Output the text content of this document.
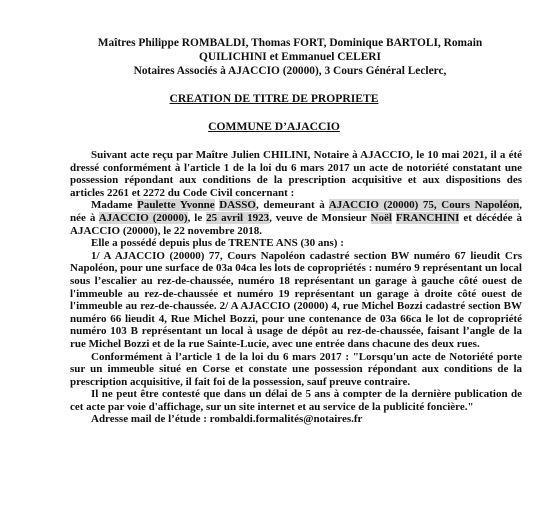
Maîtres Philippe ROMBALDI, Thomas FORT, Dominique BARTOLI, Romain
QUILICHINI et Emmanuel CELERI
Notaires Associés à AJACCIO (20000), 3 Cours Général Leclerc,
CREATION DE TITRE DE PROPRIETE
COMMUNE D’AJACCIO

Suivant acte reçu par Maître Julien CHILINI, Notaire à AJACCIO, le 10 mai 2021, il a été dressé conformément à l'article 1 de la loi du 6 mars 2017 un acte de notoriété constatant une possession répondant aux conditions de la prescription acquisitive et aux dispositions des articles 2261 et 2272 du Code Civil concernant :

Madame Paulette Yvonne DASSO, demeurant à AJACCIO (20000) 75, Cours Napoléon, née à AJACCIO (20000), le 25 avril 1923, veuve de Monsieur Noël FRANCHINI et décédée à AJACCIO (20000), le 22 novembre 2018.

Elle a possédé depuis plus de TRENTE ANS (30 ans) :

1/ A AJACCIO (20000) 77, Cours Napoléon cadastré section BW numéro 67 lieudit Crs Napoléon, pour une surface de 03a 04ca les lots de copropriétés : numéro 9 représentant un local sous l’escalier au rez-de-chaussée, numéro 18 représentant un garage à gauche côté ouest de l'immeuble au rez-de-chaussée et numéro 19 représentant un garage à droite côté ouest de l'immeuble au rez-de-chaussée. 2/ A AJACCIO (20000) 4, rue Michel Bozzi cadastré section BW numéro 66 lieudit 4, Rue Michel Bozzi, pour une contenance de 03a 66ca le lot de copropriété numéro 103 B représentant un local à usage de dépôt au rez-de-chaussée, faisant l’angle de la rue Michel Bozzi et de la rue Sainte-Lucie, avec une entrée dans chacune des deux rues.

Conformément à l’article 1 de la loi du 6 mars 2017 : "Lorsqu'un acte de Notoriété porte sur un immeuble situé en Corse et constate une possession répondant aux conditions de la prescription acquisitive, il fait foi de la possession, sauf preuve contraire.

Il ne peut être contesté que dans un délai de 5 ans à compter de la dernière publication de cet acte par voie d'affichage, sur un site internet et au service de la publicité foncière."

Adresse mail de l’étude : rombaldi.formalités@notaires.fr
